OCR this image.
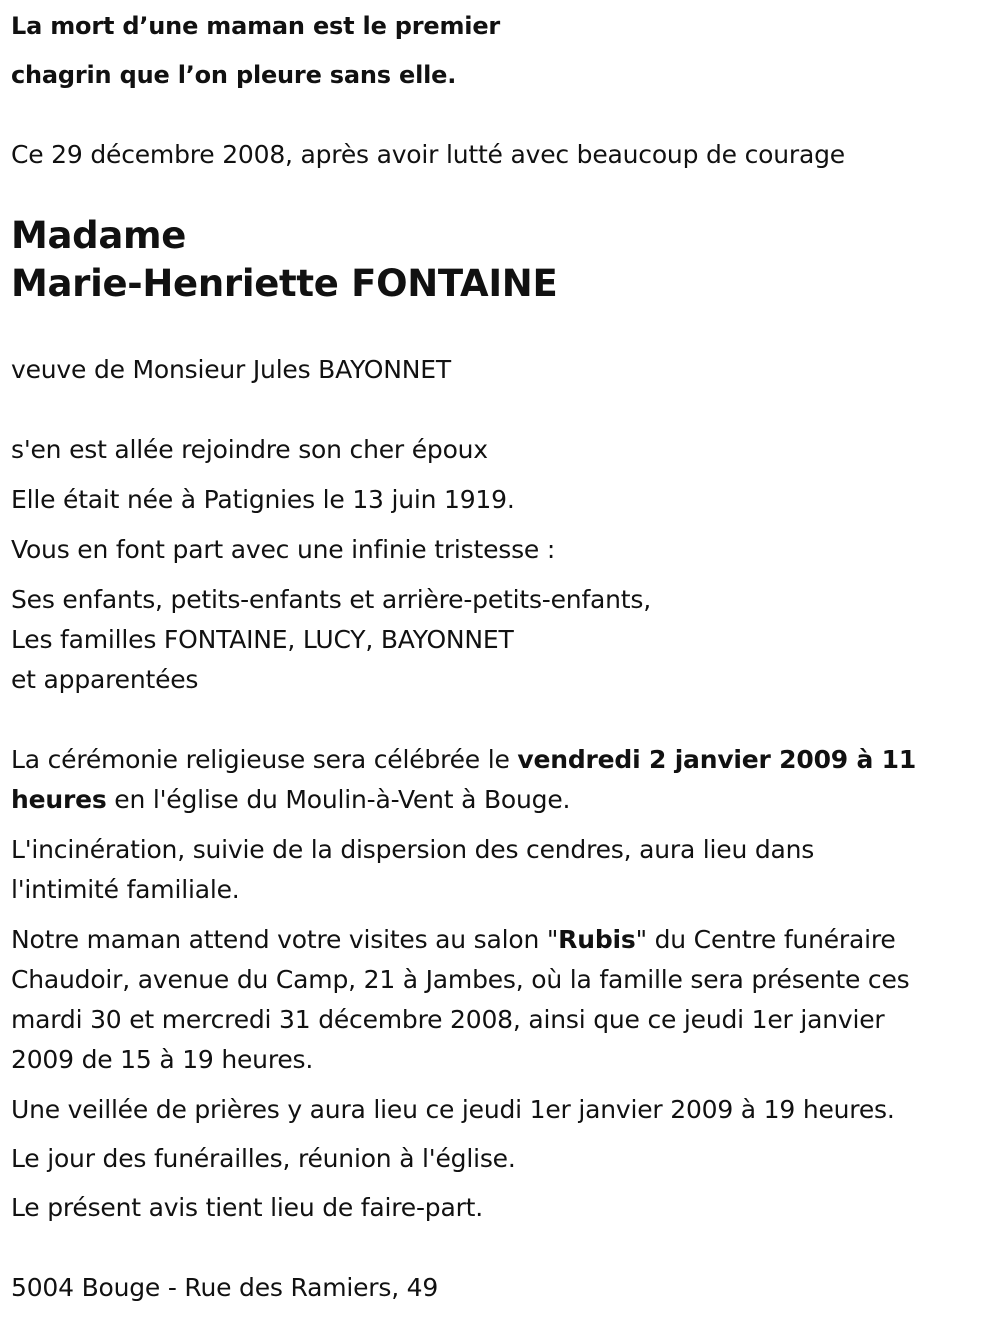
La mort d’une maman est le premier
chagrin que l’on pleure sans elle.
Ce 29 décembre 2008, après avoir lutté avec beaucoup de courage
Madame
Marie-Henriette FONTAINE
veuve de Monsieur Jules BAYONNET
s'en est allée rejoindre son cher époux
Elle était née à Patignies le 13 juin 1919.
Vous en font part avec une infinie tristesse :
Ses enfants, petits-enfants et arrière-petits-enfants,
Les familles FONTAINE, LUCY, BAYONNET
et apparentées
La cérémonie religieuse sera célébrée le vendredi 2 janvier 2009 à 11
heures en l'église du Moulin-à-Vent à Bouge.
L'incinération, suivie de la dispersion des cendres, aura lieu dans
l'intimité familiale.
Notre maman attend votre visites au salon "Rubis" du Centre funéraire
Chaudoir, avenue du Camp, 21 à Jambes, où la famille sera présente ces
mardi 30 et mercredi 31 décembre 2008, ainsi que ce jeudi 1er janvier
2009 de 15 à 19 heures.
Une veillée de prières y aura lieu ce jeudi 1er janvier 2009 à 19 heures.
Le jour des funérailles, réunion à l'église.
Le présent avis tient lieu de faire-part.
5004 Bouge - Rue des Ramiers, 49
